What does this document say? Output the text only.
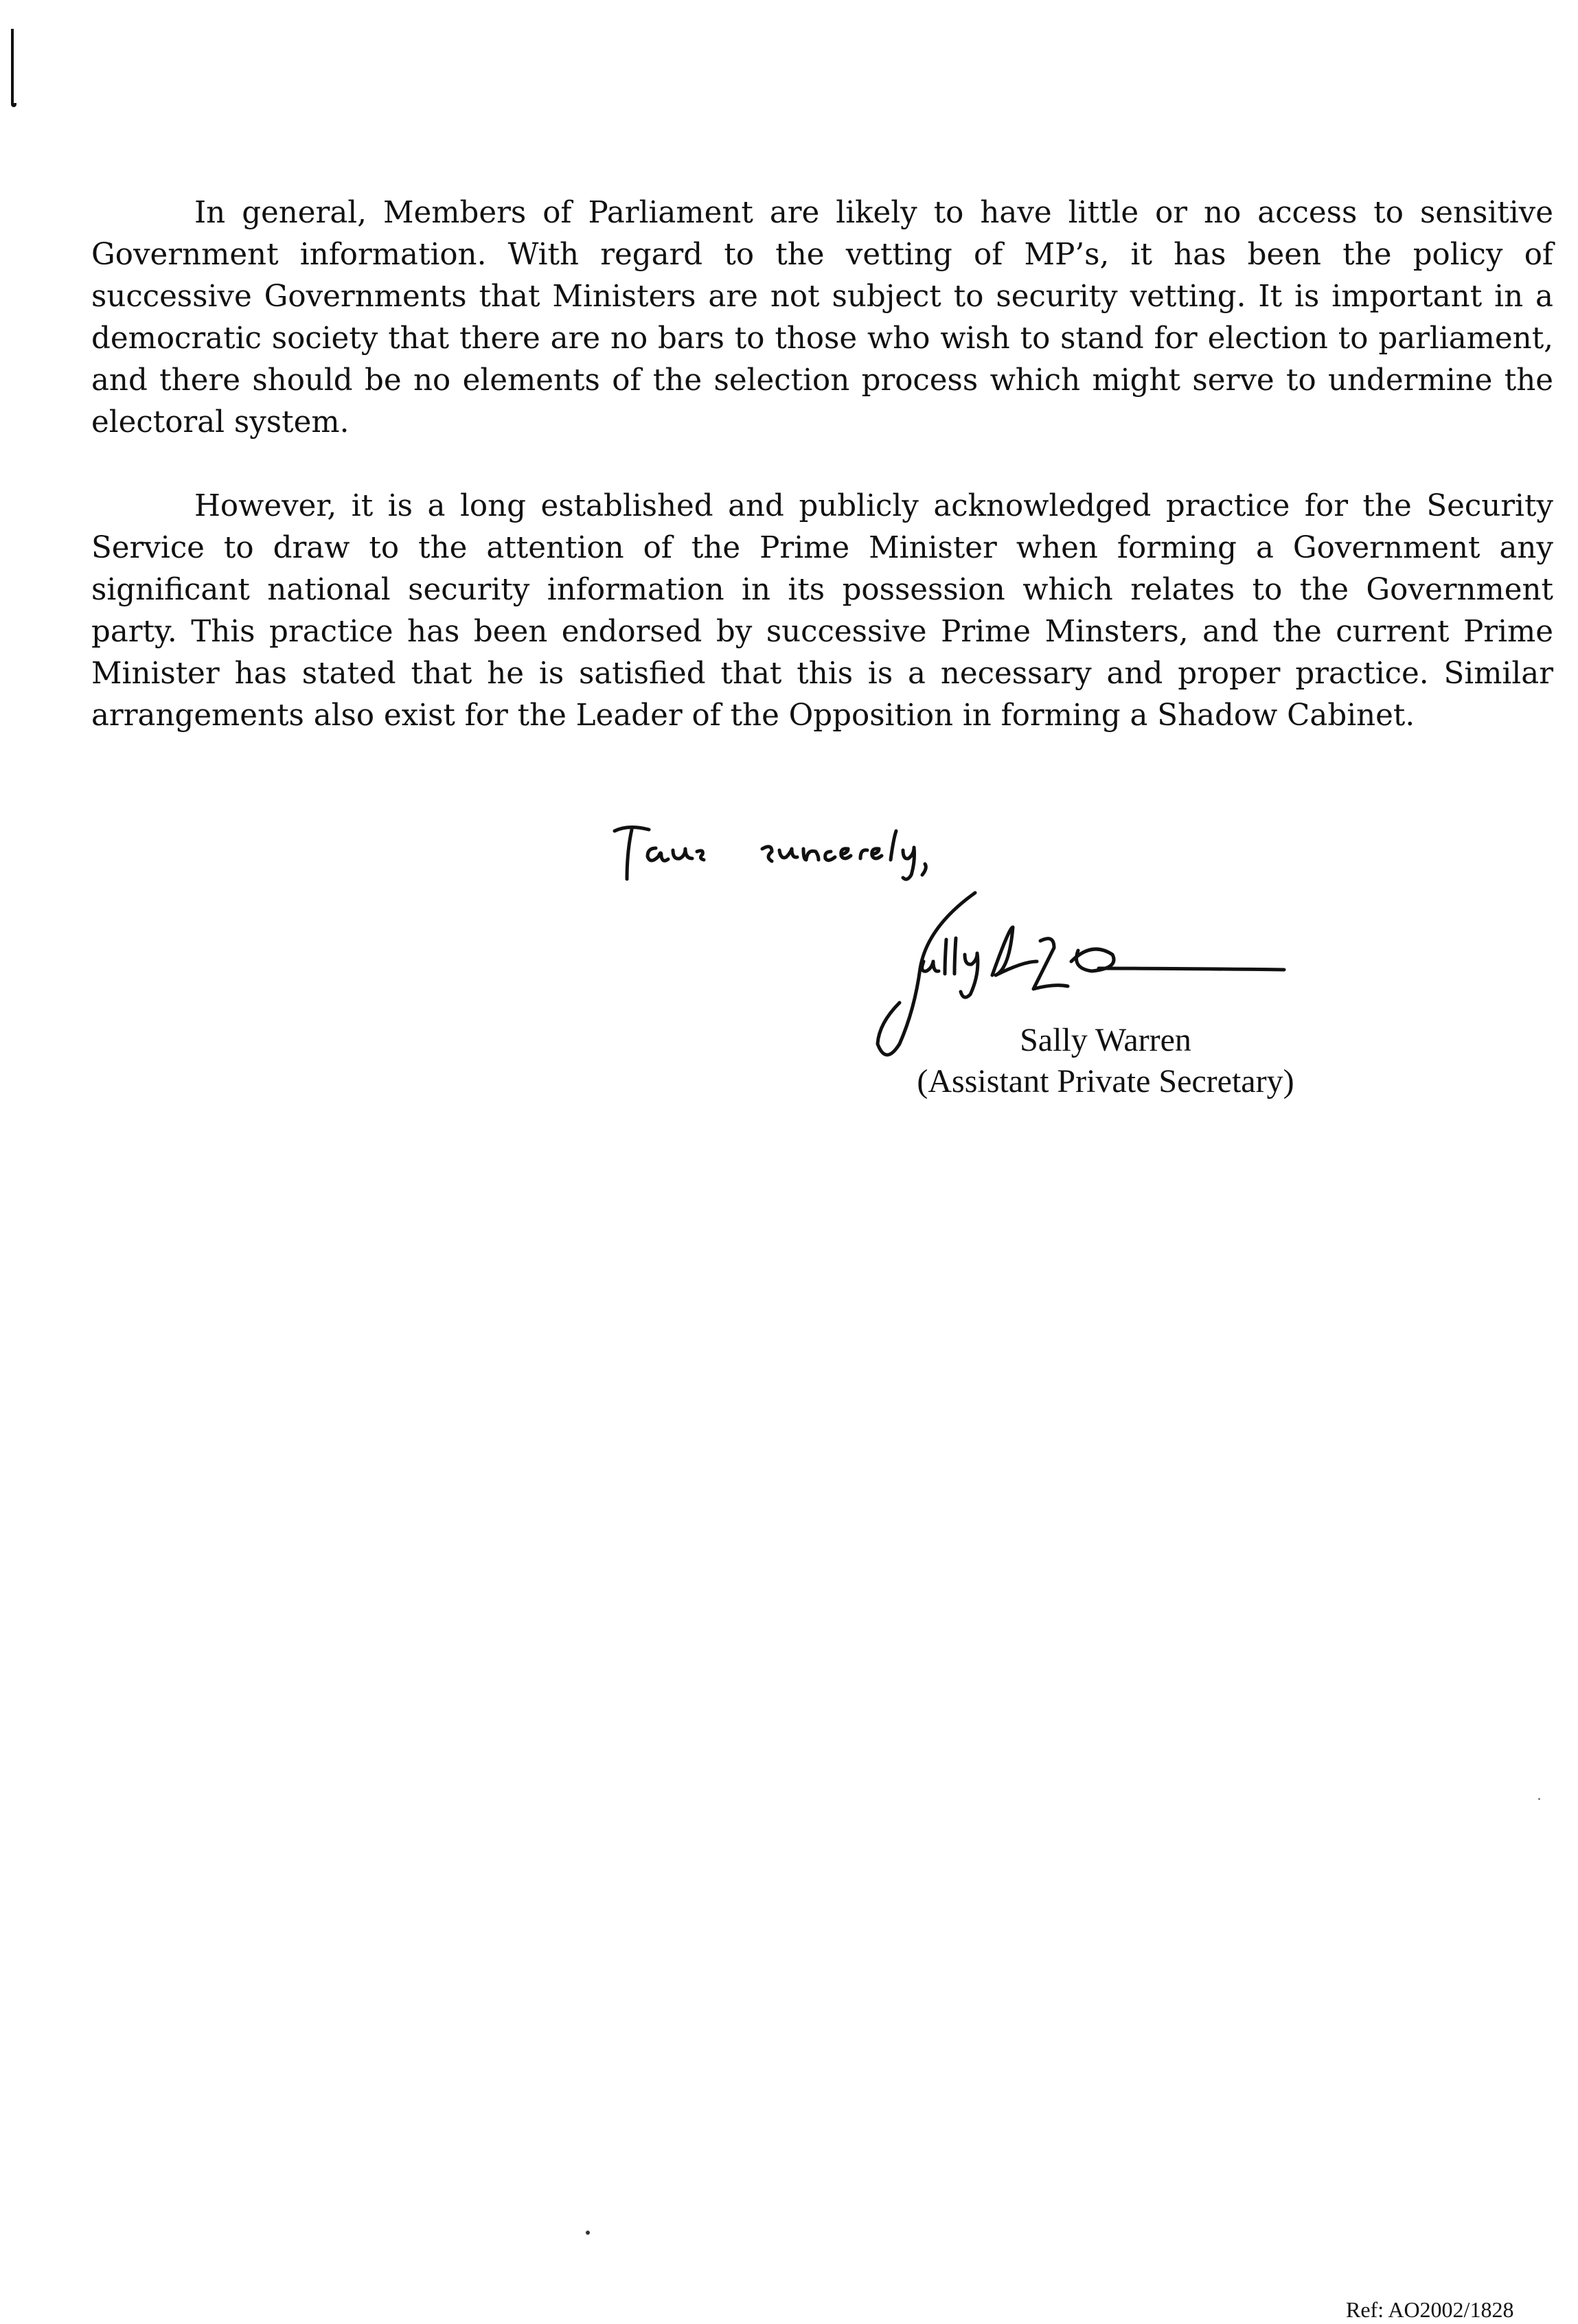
In general, Members of Parliament are likely to have little or no access to sensitive Government information. With regard to the vetting of MP’s, it has been the policy of successive Governments that Ministers are not subject to security vetting. It is important in a democratic society that there are no bars to those who wish to stand for election to parliament, and there should be no elements of the selection process which might serve to undermine the electoral system.

However, it is a long established and publicly acknowledged practice for the Security Service to draw to the attention of the Prime Minister when forming a Government any significant national security information in its possession which relates to the Government party. This practice has been endorsed by successive Prime Minsters, and the current Prime Minister has stated that he is satisfied that this is a necessary and proper practice. Similar arrangements also exist for the Leader of the Opposition in forming a Shadow Cabinet.

Sally Warren
(Assistant Private Secretary)
Ref: AO2002/1828
